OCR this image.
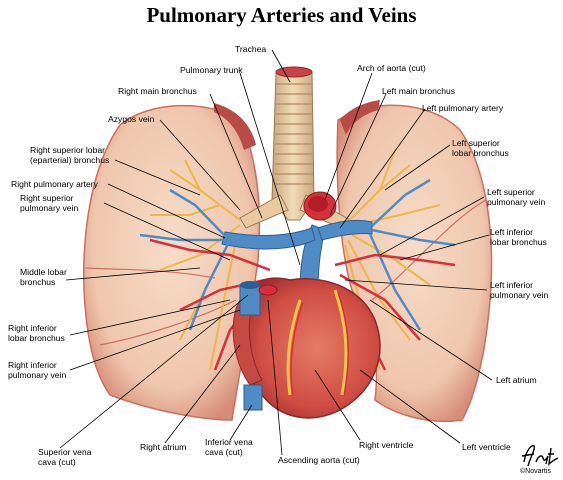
Pulmonary Arteries and Veins
Trachea
Pulmonary trunk	Arch of aorta (cut)
Right main bronchus	Left main bronchus
Azygos vein
Left pulmonary artery
Right superior lobar
(eparterial) bronchus
Left superior
lobar bronchus
Right pulmonary artery
Right superior
pulmonary vein
Left superior
pulmonary vein
Left inferior
lobar bronchus
Middle lobar
bronchus	Left inferior
pulmonary vein
Right inferior
lobar bronchus
Right inferior
pulmonary vein	Left atrium
Superior vena
cava (cut)
Right atrium Inferior vena
cava (cut)
Ascending aorta (cut)
Right ventricle	Left ventricle
©Novartis
